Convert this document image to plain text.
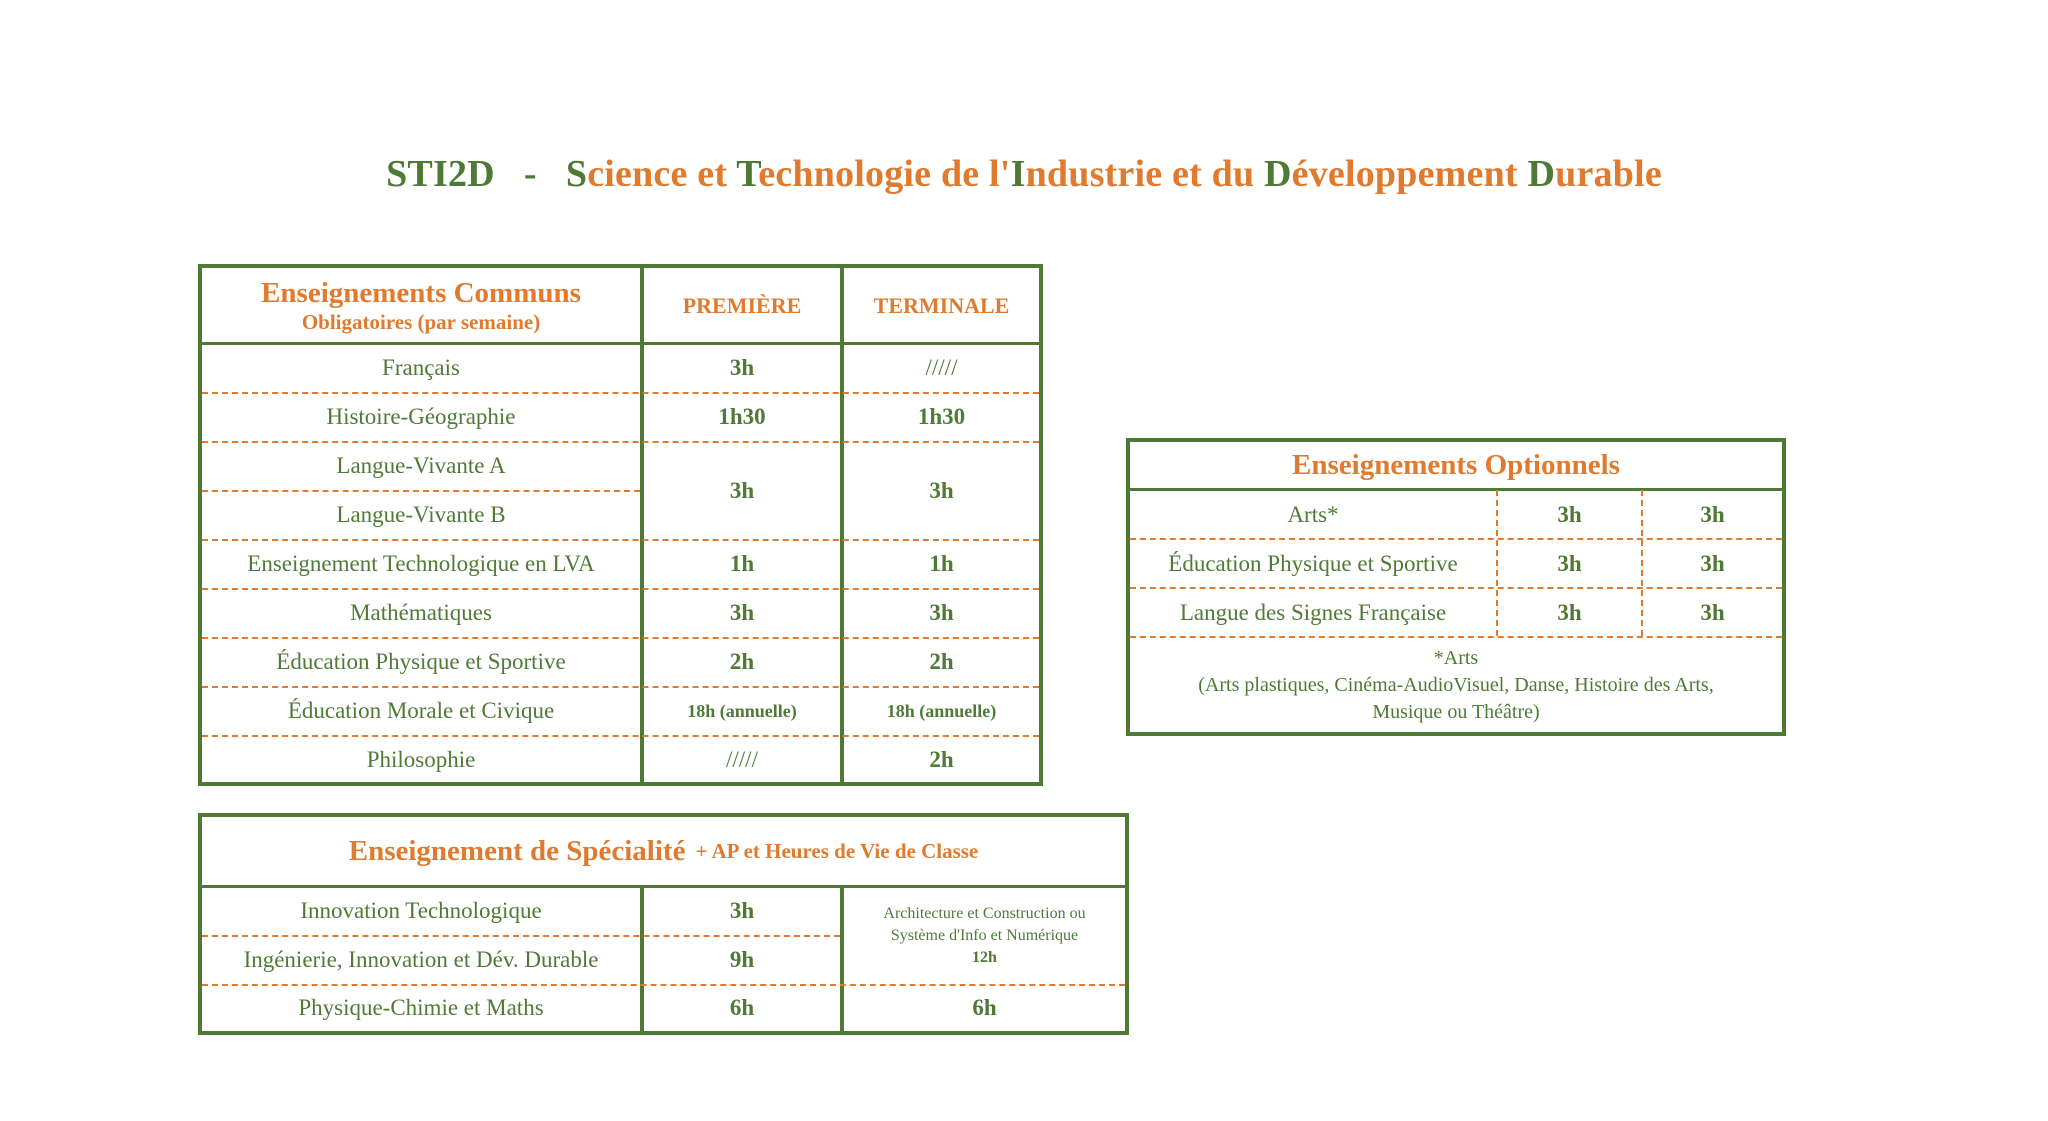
STI2D   -   Science et Technologie de l'Industrie et du Développement Durable
Enseignements Communs
Obligatoires (par semaine)
PREMIÈRE	TERMINALE
Français	3h	/////
Histoire-Géographie	1h30	1h30
Langue-Vivante A
Langue-Vivante B
3h	3h
Enseignement Technologique en LVA	1h	1h
Mathématiques	3h	3h
Éducation Physique et Sportive	2h	2h
Éducation Morale et Civique	18h (annuelle)	18h (annuelle)
Philosophie	/////	2h
Enseignements Optionnels
Arts*	3h	3h
Éducation Physique et Sportive	3h	3h
Langue des Signes Française	3h	3h
*Arts
(Arts plastiques, Cinéma-AudioVisuel, Danse, Histoire des Arts,
Musique ou Théâtre)
Enseignement de Spécialité + AP et Heures de Vie de Classe
Innovation Technologique	3h
Ingénierie, Innovation et Dév. Durable	9h
Architecture et Construction ou
Système d'Info et Numérique
12h
Physique-Chimie et Maths	6h	6h
